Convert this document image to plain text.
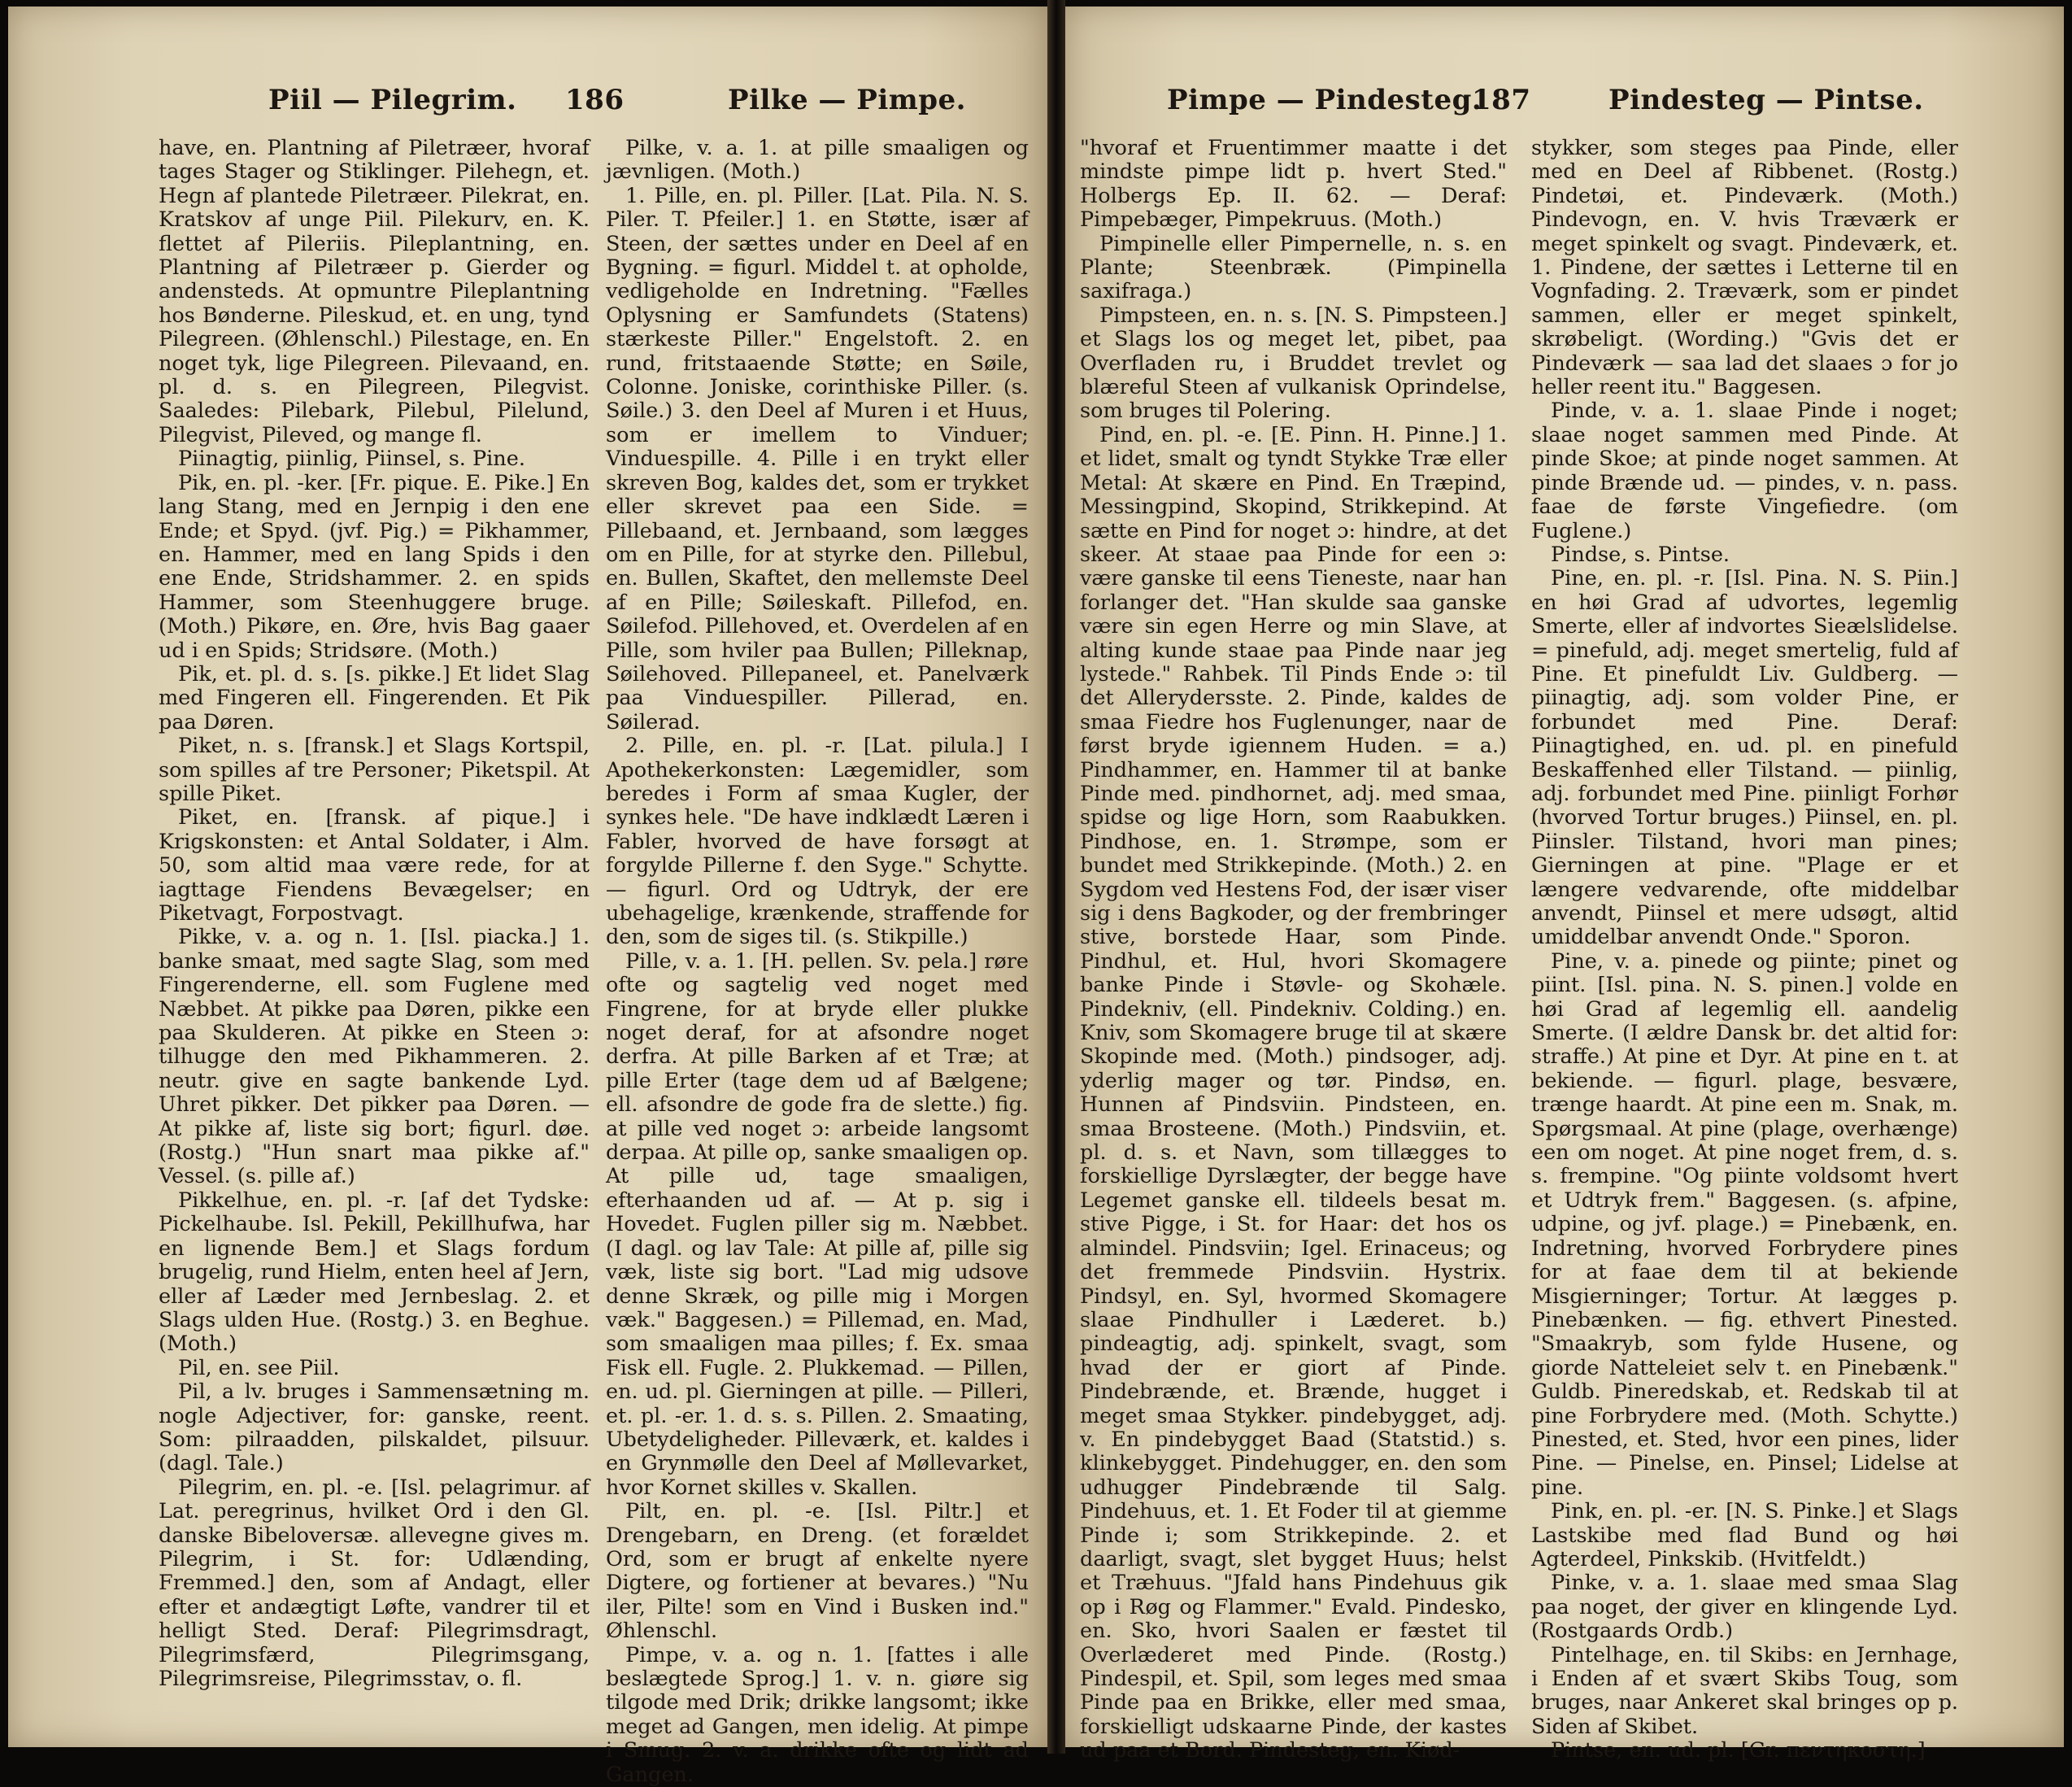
Piil — Pilegrim. 186	Pilke — Pimpe.

have, en. Plantning af Piletræer, hvoraf tages Stager og Stiklinger. Pilehegn, et. Hegn af plantede Piletræer. Pilekrat, en. Kratskov af unge Piil. Pilekurv, en. K. flettet af Pileriis. Pileplantning, en. Plantning af Piletræer p. Gierder og andensteds. At opmuntre Pileplantning hos Bønderne. Pileskud, et. en ung, tynd Pilegreen. (Øhlenschl.) Pilestage, en. En noget tyk, lige Pilegreen. Pilevaand, en. pl. d. s. en Pilegreen, Pilegvist. Saaledes: Pilebark, Pilebul, Pilelund, Pilegvist, Pileved, og mange fl.

Piinagtig, piinlig, Piinsel, s. Pine.

Pik, en. pl. -ker. [Fr. pique. E. Pike.] En lang Stang, med en Jernpig i den ene Ende; et Spyd. (jvf. Pig.) = Pikhammer, en. Hammer, med en lang Spids i den ene Ende, Stridshammer. 2. en spids Hammer, som Steenhuggere bruge. (Moth.) Pikøre, en. Øre, hvis Bag gaaer ud i en Spids; Stridsøre. (Moth.)

Pik, et. pl. d. s. [s. pikke.] Et lidet Slag med Fingeren ell. Fingerenden. Et Pik paa Døren.

Piket, n. s. [fransk.] et Slags Kortspil, som spilles af tre Personer; Piketspil. At spille Piket.

Piket, en. [fransk. af pique.] i Krigskonsten: et Antal Soldater, i Alm. 50, som altid maa være rede, for at iagttage Fiendens Bevægelser; en Piketvagt, Forpostvagt.

Pikke, v. a. og n. 1. [Isl. piacka.] 1. banke smaat, med sagte Slag, som med Fingerenderne, ell. som Fuglene med Næbbet. At pikke paa Døren, pikke een paa Skulderen. At pikke en Steen ɔ: tilhugge den med Pikhammeren. 2. neutr. give en sagte bankende Lyd. Uhret pikker. Det pikker paa Døren. — At pikke af, liste sig bort; figurl. døe. (Rostg.) "Hun snart maa pikke af." Vessel. (s. pille af.)

Pikkelhue, en. pl. -r. [af det Tydske: Pickelhaube. Isl. Pekill, Pekillhufwa, har en lignende Bem.] et Slags fordum brugelig, rund Hielm, enten heel af Jern, eller af Læder med Jernbeslag. 2. et Slags ulden Hue. (Rostg.) 3. en Beghue. (Moth.)

Pil, en. see Piil.

Pil, a lv. bruges i Sammensætning m. nogle Adjectiver, for: ganske, reent. Som: pilraadden, pilskaldet, pilsuur. (dagl. Tale.)

Pilegrim, en. pl. -e. [Isl. pelagrimur. af Lat. peregrinus, hvilket Ord i den Gl. danske Bibeloversæ. allevegne gives m. Pilegrim, i St. for: Udlænding, Fremmed.] den, som af Andagt, eller efter et andægtigt Løfte, vandrer til et helligt Sted. Deraf: Pilegrimsdragt, Pilegrimsfærd, Pilegrimsgang, Pilegrimsreise, Pilegrimsstav, o. fl.

Pilke, v. a. 1. at pille smaaligen og jævnligen. (Moth.)

1. Pille, en. pl. Piller. [Lat. Pila. N. S. Piler. T. Pfeiler.] 1. en Støtte, især af Steen, der sættes under en Deel af en Bygning. = figurl. Middel t. at opholde, vedligeholde en Indretning. "Fælles Oplysning er Samfundets (Statens) stærkeste Piller." Engelstoft. 2. en rund, fritstaaende Støtte; en Søile, Colonne. Joniske, corinthiske Piller. (s. Søile.) 3. den Deel af Muren i et Huus, som er imellem to Vinduer; Vinduespille. 4. Pille i en trykt eller skreven Bog, kaldes det, som er trykket eller skrevet paa een Side. = Pillebaand, et. Jernbaand, som lægges om en Pille, for at styrke den. Pillebul, en. Bullen, Skaftet, den mellemste Deel af en Pille; Søileskaft. Pillefod, en. Søilefod. Pillehoved, et. Overdelen af en Pille, som hviler paa Bullen; Pilleknap, Søilehoved. Pillepaneel, et. Panelværk paa Vinduespiller. Pillerad, en. Søilerad.

2. Pille, en. pl. -r. [Lat. pilula.] I Apothekerkonsten: Lægemidler, som beredes i Form af smaa Kugler, der synkes hele. "De have indklædt Læren i Fabler, hvorved de have forsøgt at forgylde Pillerne f. den Syge." Schytte. — figurl. Ord og Udtryk, der ere ubehagelige, krænkende, straffende for den, som de siges til. (s. Stikpille.)

Pille, v. a. 1. [H. pellen. Sv. pela.] røre ofte og sagtelig ved noget med Fingrene, for at bryde eller plukke noget deraf, for at afsondre noget derfra. At pille Barken af et Træ; at pille Erter (tage dem ud af Bælgene; ell. afsondre de gode fra de slette.) fig. at pille ved noget ɔ: arbeide langsomt derpaa. At pille op, sanke smaaligen op. At pille ud, tage smaaligen, efterhaanden ud af. — At p. sig i Hovedet. Fuglen piller sig m. Næbbet. (I dagl. og lav Tale: At pille af, pille sig væk, liste sig bort. "Lad mig udsove denne Skræk, og pille mig i Morgen væk." Baggesen.) = Pillemad, en. Mad, som smaaligen maa pilles; f. Ex. smaa Fisk ell. Fugle. 2. Plukkemad. — Pillen, en. ud. pl. Gierningen at pille. — Pilleri, et. pl. -er. 1. d. s. s. Pillen. 2. Smaating, Ubetydeligheder. Pilleværk, et. kaldes i en Grynmølle den Deel af Møllevarket, hvor Kornet skilles v. Skallen.

Pilt, en. pl. -e. [Isl. Piltr.] et Drengebarn, en Dreng. (et forældet Ord, som er brugt af enkelte nyere Digtere, og fortiener at bevares.) "Nu iler, Pilte! som en Vind i Busken ind." Øhlenschl.

Pimpe, v. a. og n. 1. [fattes i alle beslægtede Sprog.] 1. v. n. giøre sig tilgode med Drik; drikke langsomt; ikke meget ad Gangen, men idelig. At pimpe i Smug. 2. v. a. drikke ofte og lidt ad Gangen.

Pimpe — Pindesteg.
187	Pindesteg — Pintse.

"hvoraf et Fruentimmer maatte i det mindste pimpe lidt p. hvert Sted." Holbergs Ep. II. 62. — Deraf: Pimpebæger, Pimpekruus. (Moth.)

Pimpinelle eller Pimpernelle, n. s. en Plante; Steenbræk. (Pimpinella saxifraga.)

Pimpsteen, en. n. s. [N. S. Pimpsteen.] et Slags los og meget let, pibet, paa Overfladen ru, i Bruddet trevlet og blæreful Steen af vulkanisk Oprindelse, som bruges til Polering.

Pind, en. pl. -e. [E. Pinn. H. Pinne.] 1. et lidet, smalt og tyndt Stykke Træ eller Metal: At skære en Pind. En Træpind, Messingpind, Skopind, Strikkepind. At sætte en Pind for noget ɔ: hindre, at det skeer. At staae paa Pinde for een ɔ: være ganske til eens Tieneste, naar han forlanger det. "Han skulde saa ganske være sin egen Herre og min Slave, at alting kunde staae paa Pinde naar jeg lystede." Rahbek. Til Pinds Ende ɔ: til det Allerydersste. 2. Pinde, kaldes de smaa Fiedre hos Fuglenunger, naar de først bryde igiennem Huden. = a.) Pindhammer, en. Hammer til at banke Pinde med. pindhornet, adj. med smaa, spidse og lige Horn, som Raabukken. Pindhose, en. 1. Strømpe, som er bundet med Strikkepinde. (Moth.) 2. en Sygdom ved Hestens Fod, der især viser sig i dens Bagkoder, og der frembringer stive, borstede Haar, som Pinde. Pindhul, et. Hul, hvori Skomagere banke Pinde i Støvle- og Skohæle. Pindekniv, (ell. Pindekniv. Colding.) en. Kniv, som Skomagere bruge til at skære Skopinde med. (Moth.) pindsoger, adj. yderlig mager og tør. Pindsø, en. Hunnen af Pindsviin. Pindsteen, en. smaa Brosteene. (Moth.) Pindsviin, et. pl. d. s. et Navn, som tillægges to forskiellige Dyrslægter, der begge have Legemet ganske ell. tildeels besat m. stive Pigge, i St. for Haar: det hos os almindel. Pindsviin; Igel. Erinaceus; og det fremmede Pindsviin. Hystrix. Pindsyl, en. Syl, hvormed Skomagere slaae Pindhuller i Læderet. b.) pindeagtig, adj. spinkelt, svagt, som hvad der er giort af Pinde. Pindebrænde, et. Brænde, hugget i meget smaa Stykker. pindebygget, adj. v. En pindebygget Baad (Statstid.) s. klinkebygget. Pindehugger, en. den som udhugger Pindebrænde til Salg. Pindehuus, et. 1. Et Foder til at giemme Pinde i; som Strikkepinde. 2. et daarligt, svagt, slet bygget Huus; helst et Træhuus. "Jfald hans Pindehuus gik op i Røg og Flammer." Evald. Pindesko, en. Sko, hvori Saalen er fæstet til Overlæderet med Pinde. (Rostg.) Pindespil, et. Spil, som leges med smaa Pinde paa en Brikke, eller med smaa, forskielligt udskaarne Pinde, der kastes ud paa et Bord. Pindesteg, en. Kiød-

stykker, som steges paa Pinde, eller med en Deel af Ribbenet. (Rostg.) Pindetøi, et. Pindeværk. (Moth.) Pindevogn, en. V. hvis Træværk er meget spinkelt og svagt. Pindeværk, et. 1. Pindene, der sættes i Letterne til en Vognfading. 2. Træværk, som er pindet sammen, eller er meget spinkelt, skrøbeligt. (Wording.) "Gvis det er Pindeværk — saa lad det slaaes ɔ for jo heller reent itu." Baggesen.

Pinde, v. a. 1. slaae Pinde i noget; slaae noget sammen med Pinde. At pinde Skoe; at pinde noget sammen. At pinde Brænde ud. — pindes, v. n. pass. faae de første Vingefiedre. (om Fuglene.)

Pindse, s. Pintse.

Pine, en. pl. -r. [Isl. Pina. N. S. Piin.] en høi Grad af udvortes, legemlig Smerte, eller af indvortes Sieælslidelse. = pinefuld, adj. meget smertelig, fuld af Pine. Et pinefuldt Liv. Guldberg. — piinagtig, adj. som volder Pine, er forbundet med Pine. Deraf: Piinagtighed, en. ud. pl. en pinefuld Beskaffenhed eller Tilstand. — piinlig, adj. forbundet med Pine. piinligt Forhør (hvorved Tortur bruges.) Piinsel, en. pl. Piinsler. Tilstand, hvori man pines; Gierningen at pine. "Plage er et længere vedvarende, ofte middelbar anvendt, Piinsel et mere udsøgt, altid umiddelbar anvendt Onde." Sporon.

Pine, v. a. pinede og piinte; pinet og piint. [Isl. pina. N. S. pinen.] volde en høi Grad af legemlig ell. aandelig Smerte. (I ældre Dansk br. det altid for: straffe.) At pine et Dyr. At pine en t. at bekiende. — figurl. plage, besvære, trænge haardt. At pine een m. Snak, m. Spørgsmaal. At pine (plage, overhænge) een om noget. At pine noget frem, d. s. s. frempine. "Og piinte voldsomt hvert et Udtryk frem." Baggesen. (s. afpine, udpine, og jvf. plage.) = Pinebænk, en. Indretning, hvorved Forbrydere pines for at faae dem til at bekiende Misgierninger; Tortur. At lægges p. Pinebænken. — fig. ethvert Pinested. "Smaakryb, som fylde Husene, og giorde Natteleiet selv t. en Pinebænk." Guldb. Pineredskab, et. Redskab til at pine Forbrydere med. (Moth. Schytte.) Pinested, et. Sted, hvor een pines, lider Pine. — Pinelse, en. Pinsel; Lidelse at pine.

Pink, en. pl. -er. [N. S. Pinke.] et Slags Lastskibe med flad Bund og høi Agterdeel, Pinkskib. (Hvitfeldt.)

Pinke, v. a. 1. slaae med smaa Slag paa noget, der giver en klingende Lyd. (Rostgaards Ordb.)

Pintelhage, en. til Skibs: en Jernhage, i Enden af et svært Skibs Toug, som bruges, naar Ankeret skal bringes op p. Siden af Skibet.

Pintse, en. ud. pl. [Gr. πεντηκοστη.]
